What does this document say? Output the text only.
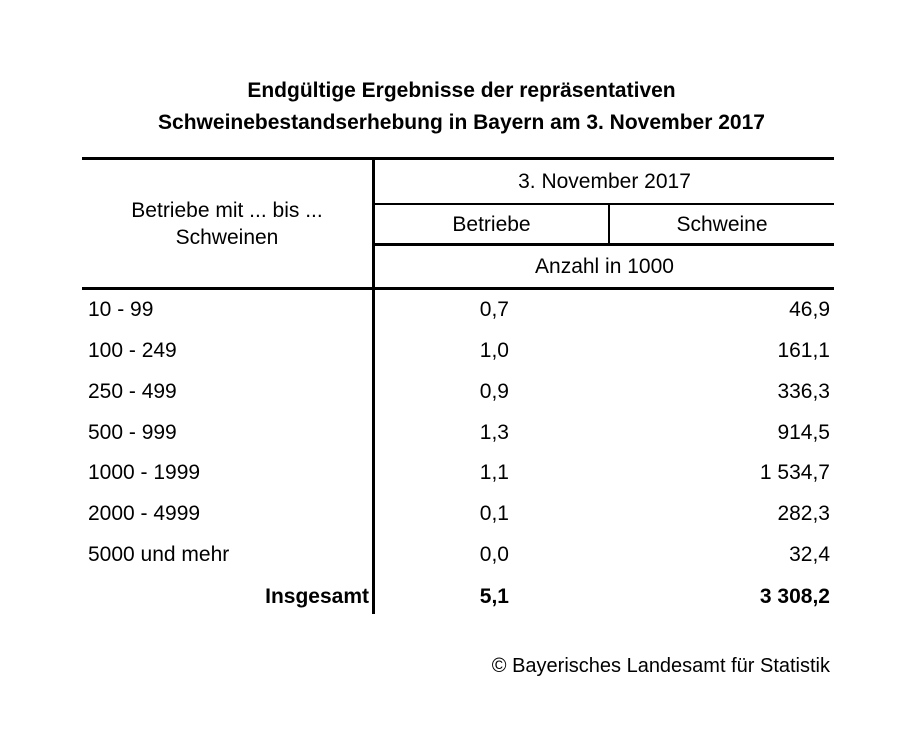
Endgültige Ergebnisse der repräsentativen
Schweinebestandserhebung in Bayern am 3. November 2017
Betriebe mit ... bis ...
Schweinen
3. November 2017
Betriebe	Schweine
Anzahl in 1000
10 - 99	0,7	46,9
100 - 249	1,0	161,1
250 - 499	0,9	336,3
500 - 999	1,3	914,5
1000 - 1999	1,1	1 534,7
2000 - 4999	0,1	282,3
5000 und mehr	0,0	32,4
Insgesamt	5,1	3 308,2
© Bayerisches Landesamt für Statistik
